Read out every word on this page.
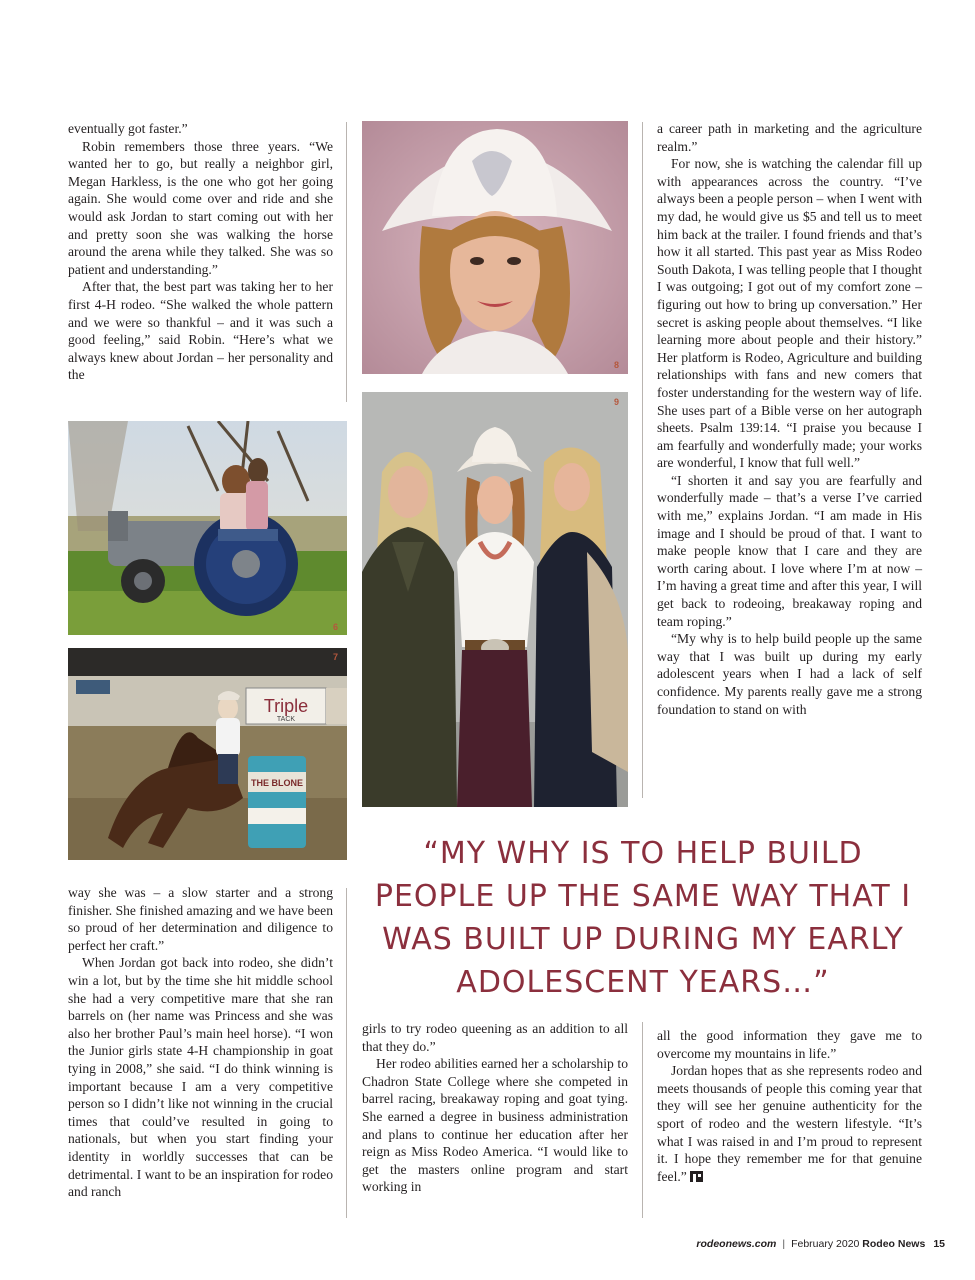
eventually got faster.”

Robin remembers those three years. “We wanted her to go, but really a neighbor girl, Megan Harkless, is the one who got her going again. She would come over and ride and she would ask Jordan to start coming out with her and pretty soon she was walking the horse around the arena while they talked. She was so patient and understanding.”

After that, the best part was taking her to her first 4-H rodeo. “She walked the whole pattern and we were so thankful – and it was such a good feeling,” said Robin. “Here’s what we always knew about Jordan – her personality and the

6
Triple
TACK
THE BLONE
7

way she was – a slow starter and a strong finisher. She finished amazing and we have been so proud of her determination and diligence to perfect her craft.”

When Jordan got back into rodeo, she didn’t win a lot, but by the time she hit middle school she had a very competitive mare that she ran barrels on (her name was Princess and she was also her brother Paul’s main heel horse). “I won the Junior girls state 4-H championship in goat tying in 2008,” she said. “I do think winning is important because I am a very competitive person so I didn’t like not winning in the crucial times that could’ve resulted in going to nationals, but when you start finding your identity in worldly successes that can be detrimental. I want to be an inspiration for rodeo and ranch

8
9
“MY WHY IS TO HELP BUILD PEOPLE UP THE SAME WAY THAT I WAS BUILT UP DURING MY EARLY ADOLESCENT YEARS…”

girls to try rodeo queening as an addition to all that they do.”

Her rodeo abilities earned her a scholarship to Chadron State College where she competed in barrel racing, breakaway roping and goat tying. She earned a degree in business administration and plans to continue her education after her reign as Miss Rodeo America. “I would like to get the masters online program and start working in

a career path in marketing and the agriculture realm.”

For now, she is watching the calendar fill up with appearances across the country. “I’ve always been a people person – when I went with my dad, he would give us $5 and tell us to meet him back at the trailer. I found friends and that’s how it all started. This past year as Miss Rodeo South Dakota, I was telling people that I thought I was outgoing; I got out of my comfort zone – figuring out how to bring up conversation.” Her secret is asking people about themselves. “I like learning more about people and their history.” Her platform is Rodeo, Agriculture and building relationships with fans and new comers that foster understanding for the western way of life. She uses part of a Bible verse on her autograph sheets. Psalm 139:14. “I praise you because I am fearfully and wonderfully made; your works are wonderful, I know that full well.”

“I shorten it and say you are fearfully and wonderfully made – that’s a verse I’ve carried with me,” explains Jordan. “I am made in His image and I should be proud of that. I want to make people know that I care and they are worth caring about. I love where I’m at now – I’m having a great time and after this year, I will get back to rodeoing, breakaway roping and team roping.”

“My why is to help build people up the same way that I was built up during my early adolescent years when I had a lack of self confidence. My parents really gave me a strong foundation to stand on with

all the good information they gave me to overcome my mountains in life.”

Jordan hopes that as she represents rodeo and meets thousands of people this coming year that they will see her genuine authenticity for the sport of rodeo and the western lifestyle. “It’s what I was raised in and I’m proud to represent it. I hope they remember me for that genuine feel.”

rodeonews.com | February 2020 Rodeo News 15
